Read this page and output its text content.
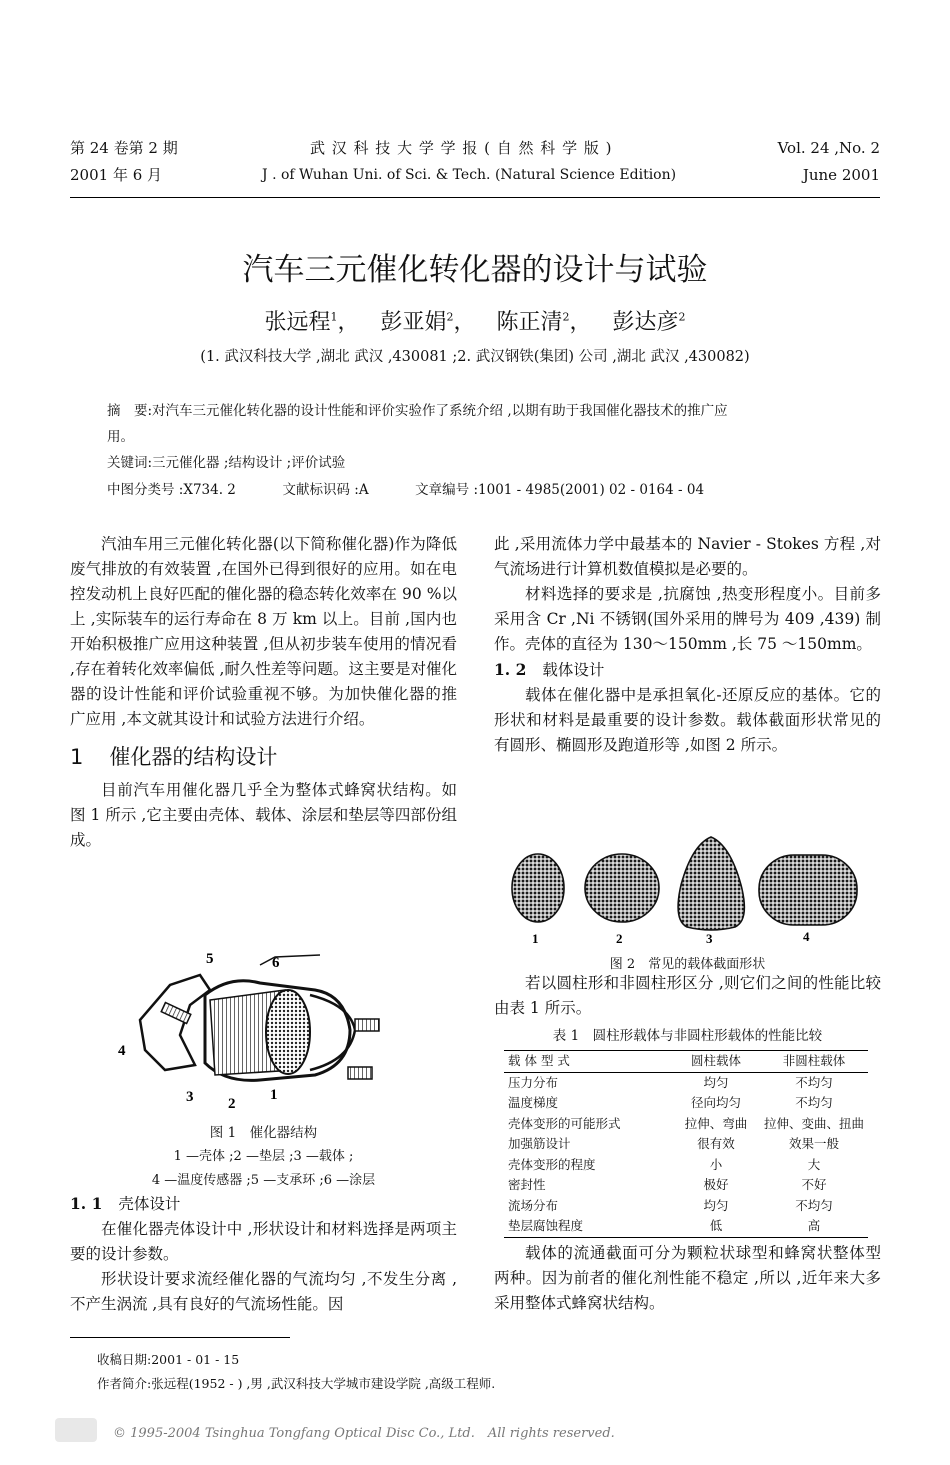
第 24 卷第 2 期	武 汉 科 技 大 学 学 报 ( 自 然 科 学 版 )	Vol. 24 ,No. 2
2001 年 6 月	J . of Wuhan Uni. of Sci. & Tech. (Natural Science Edition)	June 2001
汽车三元催化转化器的设计与试验
张远程$^1$， 彭亚娟$^2$， 陈正清$^2$， 彭达彦$^2$
(1. 武汉科技大学 ,湖北 武汉 ,430081 ;2. 武汉钢铁(集团) 公司 ,湖北 武汉 ,430082)
摘　要:对汽车三元催化转化器的设计性能和评价实验作了系统介绍 ,以期有助于我国催化器技术的推广应
用。
关键词:三元催化器 ;结构设计 ;评价试验
中图分类号 :X734. 2	文献标识码 :A	文章编号 :1001 - 4985(2001) 02 - 0164 - 04

汽油车用三元催化转化器(以下简称催化器)作为降低废气排放的有效装置 ,在国外已得到很好的应用。如在电控发动机上良好匹配的催化器的稳态转化效率在 90 %以上 ,实际装车的运行寿命在 8 万 km 以上。目前 ,国内也开始积极推广应用这种装置 ,但从初步装车使用的情况看 ,存在着转化效率偏低 ,耐久性差等问题。这主要是对催化器的设计性能和评价试验重视不够。为加快催化器的推广应用 ,本文就其设计和试验方法进行介绍。

1 催化器的结构设计

目前汽车用催化器几乎全为整体式蜂窝状结构。如图 1 所示 ,它主要由壳体、载体、涂层和垫层等四部份组成。

5	6
4
3 2
1
图 1　催化器结构
1 —壳体 ;2 —垫层 ;3 —载体 ;
4 —温度传感器 ;5 —支承环 ;6 —涂层
1. 1 壳体设计

在催化器壳体设计中 ,形状设计和材料选择是两项主要的设计参数。

形状设计要求流经催化器的气流均匀 ,不发生分离 ,不产生涡流 ,具有良好的气流场性能。因

此 ,采用流体力学中最基本的 Navier - Stokes 方程 ,对气流场进行计算机数值模拟是必要的。

材料选择的要求是 ,抗腐蚀 ,热变形程度小。目前多采用含 Cr ,Ni 不锈钢(国外采用的牌号为 409 ,439) 制作。壳体的直径为 130～150mm ,长 75 ～150mm。

1. 2 载体设计

载体在催化器中是承担氧化-还原反应的基体。它的形状和材料是最重要的设计参数。载体截面形状常见的有圆形、椭圆形及跑道形等 ,如图 2 所示。

1	2	3	4
图 2　常见的载体截面形状

若以圆柱形和非圆柱形区分 ,则它们之间的性能比较由表 1 所示。

表 1　圆柱形载体与非圆柱形载体的性能比较
载 体 型 式	圆柱载体	非圆柱载体
压力分布	均匀	不均匀
温度梯度	径向均匀	不均匀
壳体变形的可能形式	拉伸、弯曲	拉伸、变曲、扭曲
加强筋设计	很有效	效果一般
壳体变形的程度	小	大
密封性	极好	不好
流场分布	均匀	不均匀
垫层腐蚀程度	低	高

载体的流通截面可分为颗粒状球型和蜂窝状整体型两种。因为前者的催化剂性能不稳定 ,所以 ,近年来大多采用整体式蜂窝状结构。

收稿日期:2001 - 01 - 15
作者简介:张远程(1952 - ) ,男 ,武汉科技大学城市建设学院 ,高级工程师.
© 1995-2004 Tsinghua Tongfang Optical Disc Co., Ltd.　All rights reserved.
